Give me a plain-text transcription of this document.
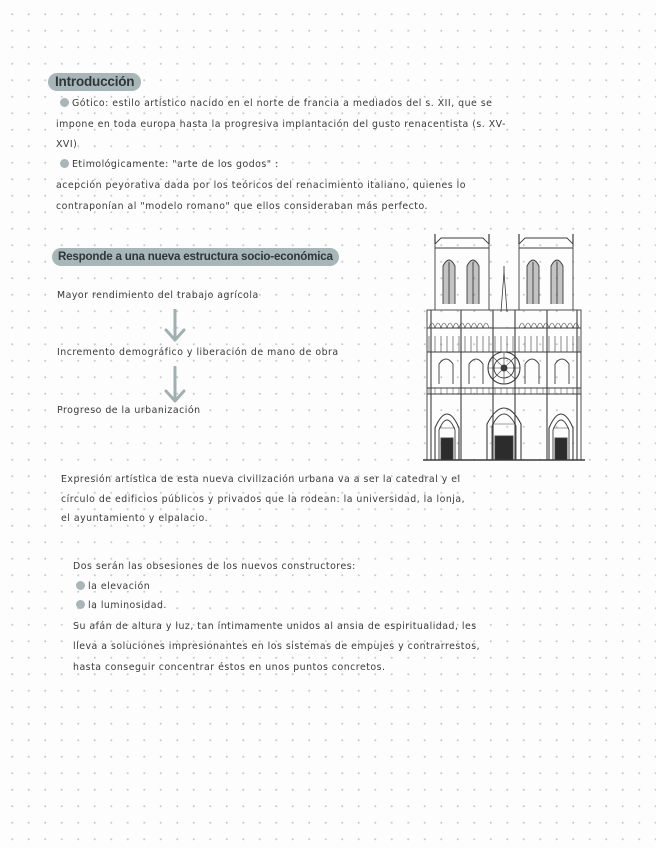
Introducción

Gótico: estilo artístico nacido en el norte de francia a mediados del s. XII, que se

impone en toda europa hasta la progresiva implantación del gusto renacentista (s. XV-

XVI)

Etimológicamente: "arte de los godos" :

acepción peyorativa dada por los teóricos del renacimiento italiano, quienes lo

contraponían al "modelo romano" que ellos consideraban más perfecto.

Responde a una nueva estructura socio-económica

Mayor rendimiento del trabajo agrícola

Incremento demográfico y liberación de mano de obra

Progreso de la urbanización

Expresión artística de esta nueva civilización urbana va a ser la catedral y el

círculo de edificios públicos y privados que la rodean: la universidad, la lonja,

el ayuntamiento y elpalacio.

Dos serán las obsesiones de los nuevos constructores:

la elevación

la luminosidad.

Su afán de altura y luz, tan íntimamente unidos al ansia de espiritualidad, les

lleva a soluciones impresionantes en los sistemas de empujes y contrarrestos,

hasta conseguir concentrar éstos en unos puntos concretos.
